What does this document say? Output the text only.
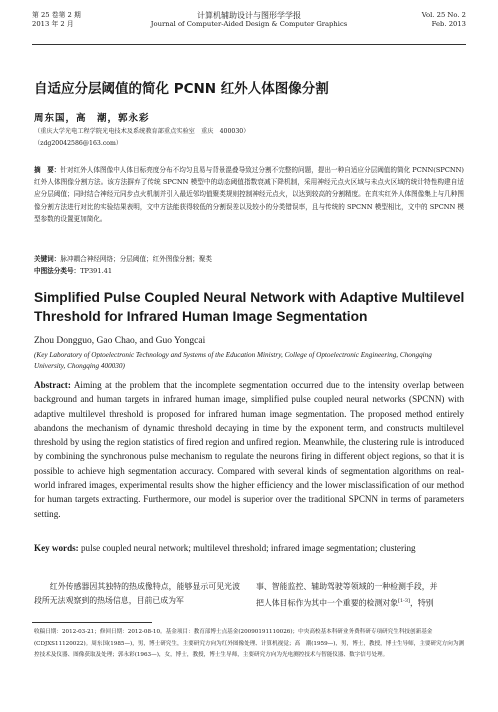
第 25 卷第 2 期
2013 年 2 月
计算机辅助设计与图形学学报
Journal of Computer-Aided Design & Computer Graphics
Vol. 25 No. 2
Feb. 2013
自适应分层阈值的简化 PCNN 红外人体图像分割
周东国，高　潮，郭永彩
（重庆大学光电工程学院光电技术及系统教育部重点实验室　重庆　400030）
（zdg20042586@163.com）
摘　要：针对红外人体图像中人体目标亮度分布不均匀且易与背景混叠导致过分割不完整的问题，提出一种自适应分层阈值的简化 PCNN(SPCNN)红外人体图像分割方法。该方法摒弃了传统 SPCNN 模型中的动态阈值指数衰减下降机制，采用神经元点火区域与未点火区域的统计特性构建自适应分层阈值；同时结合神经元同步点火机制并引入最近邻均值聚类规则控制神经元点火，以达到较高的分割精度。在真实红外人体图像集上与几种图像分割方法进行对比的实验结果表明，文中方法能获得较低的分割误差以及较小的分类错误率，且与传统的 SPCNN 模型相比，文中的 SPCNN 模型参数的设置更加简化。
关键词：脉冲耦合神经网络；分层阈值；红外图像分割；聚类
中图法分类号：TP391.41
Simplified Pulse Coupled Neural Network with Adaptive Multilevel Threshold for Infrared Human Image Segmentation
Zhou Dongguo, Gao Chao, and Guo Yongcai
(Key Laboratory of Optoelectronic Technology and Systems of the Education Ministry, College of Optoelectronic Engineering, Chongqing University, Chongqing 400030)
Abstract: Aiming at the problem that the incomplete segmentation occurred due to the intensity overlap between background and human targets in infrared human image, simplified pulse coupled neural networks (SPCNN) with adaptive multilevel threshold is proposed for infrared human image segmentation. The proposed method entirely abandons the mechanism of dynamic threshold decaying in time by the exponent term, and constructs multilevel threshold by using the region statistics of fired region and unfired region. Meanwhile, the clustering rule is introduced by combining the synchronous pulse mechanism to regulate the neurons firing in different object regions, so that it is possible to achieve high segmentation accuracy. Compared with several kinds of segmentation algorithms on real-world infrared images, experimental results show the higher efficiency and the lower misclassification of our method for human targets extracting. Furthermore, our model is superior over the traditional SPCNN in terms of parameters setting.
Key words: pulse coupled neural network; multilevel threshold; infrared image segmentation; clustering
红外传感器因其独特的热成像特点，能够显示可见光波段所无法观察到的热场信息，目前已成为军
事、智能监控、辅助驾驶等领域的一种检测手段，并
把人体目标作为其中一个重要的检测对象[1-3]，特别
收稿日期：2012-03-21；修回日期：2012-08-10。基金项目：教育部博士点基金(20090191110026)；中央高校基本科研业务费科研专项研究生科技创新基金(CDJXS11120022)。周东国(1985—)，男，博士研究生，主要研究方向为红外图像处理、计算机视觉；高　潮(1959—)，男，博士，教授，博士生导师，主要研究方向为测控技术及仪器、图像获取及处理；郭永彩(1963—)，女，博士，教授，博士生导师，主要研究方向为光电测控技术与智能仪器、数字信号处理。
